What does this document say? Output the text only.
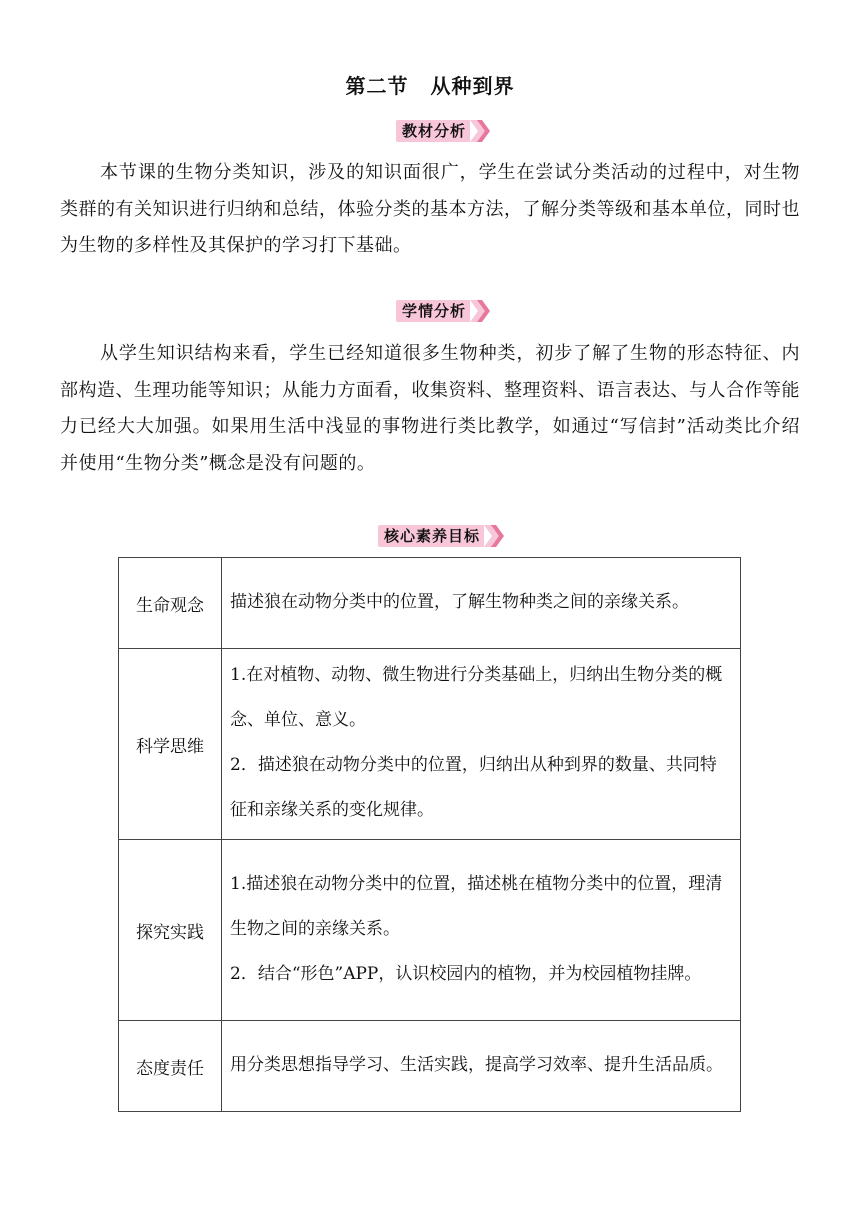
第二节 从种到界
教材分析
本节课的生物分类知识，涉及的知识面很广，学生在尝试分类活动的过程中，对生物类群的有关知识进行归纳和总结，体验分类的基本方法，了解分类等级和基本单位，同时也为生物的多样性及其保护的学习打下基础。
学情分析
从学生知识结构来看，学生已经知道很多生物种类，初步了解了生物的形态特征、内部构造、生理功能等知识；从能力方面看，收集资料、整理资料、语言表达、与人合作等能力已经大大加强。如果用生活中浅显的事物进行类比教学，如通过“写信封”活动类比介绍并使用“生物分类”概念是没有问题的。
核心素养目标
生命观念	描述狼在动物分类中的位置，了解生物种类之间的亲缘关系。

科学思维	1.在对植物、动物、微生物进行分类基础上，归纳出生物分类的概念、单位、意义。

2．描述狼在动物分类中的位置，归纳出从种到界的数量、共同特征和亲缘关系的变化规律。

探究实践	1.描述狼在动物分类中的位置，描述桃在植物分类中的位置，理清生物之间的亲缘关系。

2．结合“形色”APP，认识校园内的植物，并为校园植物挂牌。

态度责任	用分类思想指导学习、生活实践，提高学习效率、提升生活品质。
